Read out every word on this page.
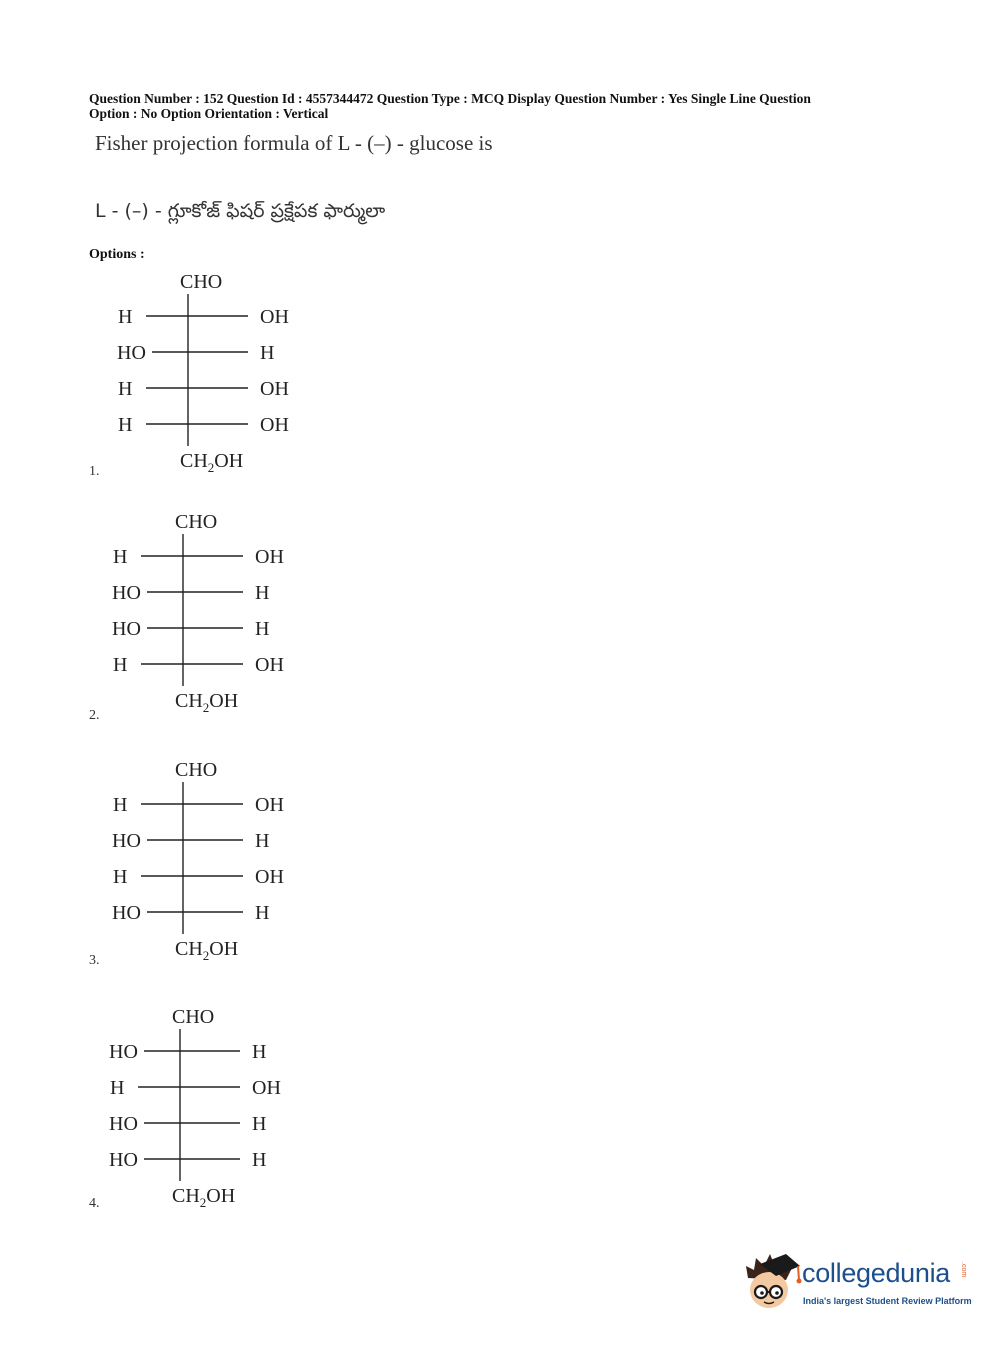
Question Number : 152 Question Id : 4557344472 Question Type : MCQ Display Question Number : Yes Single Line Question
Option : No Option Orientation : Vertical
Fisher projection formula of L - (–) - glucose is
L - (–) - గ్లూకోజ్ ఫిషర్ ప్రక్షేపక ఫార్ములా
Options :
CHO
H	OH
HO	H
H	OH
H	OH
$CH_2OH$
1.
CHO
H	OH
HO	H
HO	H
H	OH
$CH_2OH$
2.
CHO
H	OH
HO	H
H	OH
HO	H
$CH_2OH$
3.
CHO
HO	H
H	OH
HO	H
HO	H
$CH_2OH$
4.
collegedunia .com
India's largest Student Review Platform
